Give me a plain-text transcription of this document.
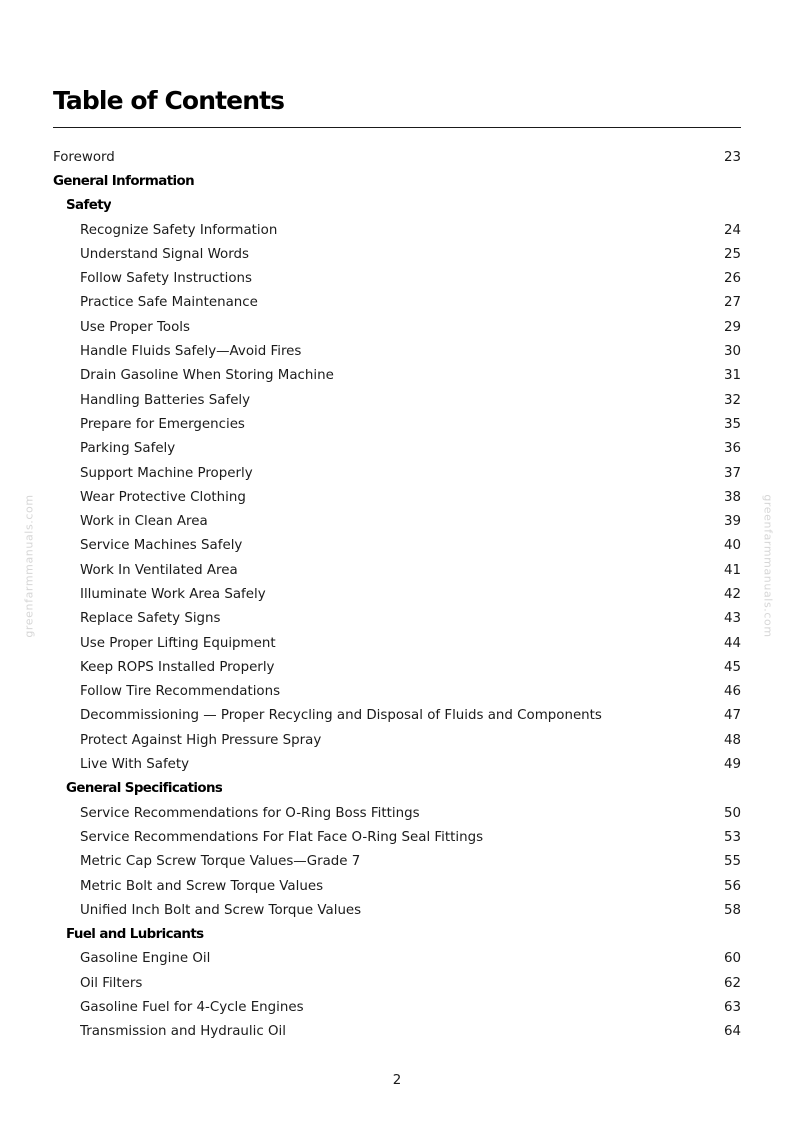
greenfarmmanuals.com	greenfarmmanuals.com
Table of Contents
Foreword	23
General Information
Safety
Recognize Safety Information	24
Understand Signal Words	25
Follow Safety Instructions	26
Practice Safe Maintenance	27
Use Proper Tools	29
Handle Fluids Safely—Avoid Fires	30
Drain Gasoline When Storing Machine	31
Handling Batteries Safely	32
Prepare for Emergencies	35
Parking Safely	36
Support Machine Properly	37
Wear Protective Clothing	38
Work in Clean Area	39
Service Machines Safely	40
Work In Ventilated Area	41
Illuminate Work Area Safely	42
Replace Safety Signs	43
Use Proper Lifting Equipment	44
Keep ROPS Installed Properly	45
Follow Tire Recommendations	46
Decommissioning — Proper Recycling and Disposal of Fluids and Components	47
Protect Against High Pressure Spray	48
Live With Safety	49
General Specifications
Service Recommendations for O-Ring Boss Fittings	50
Service Recommendations For Flat Face O-Ring Seal Fittings	53
Metric Cap Screw Torque Values—Grade 7	55
Metric Bolt and Screw Torque Values	56
Unified Inch Bolt and Screw Torque Values	58
Fuel and Lubricants
Gasoline Engine Oil	60
Oil Filters	62
Gasoline Fuel for 4-Cycle Engines	63
Transmission and Hydraulic Oil	64
2
